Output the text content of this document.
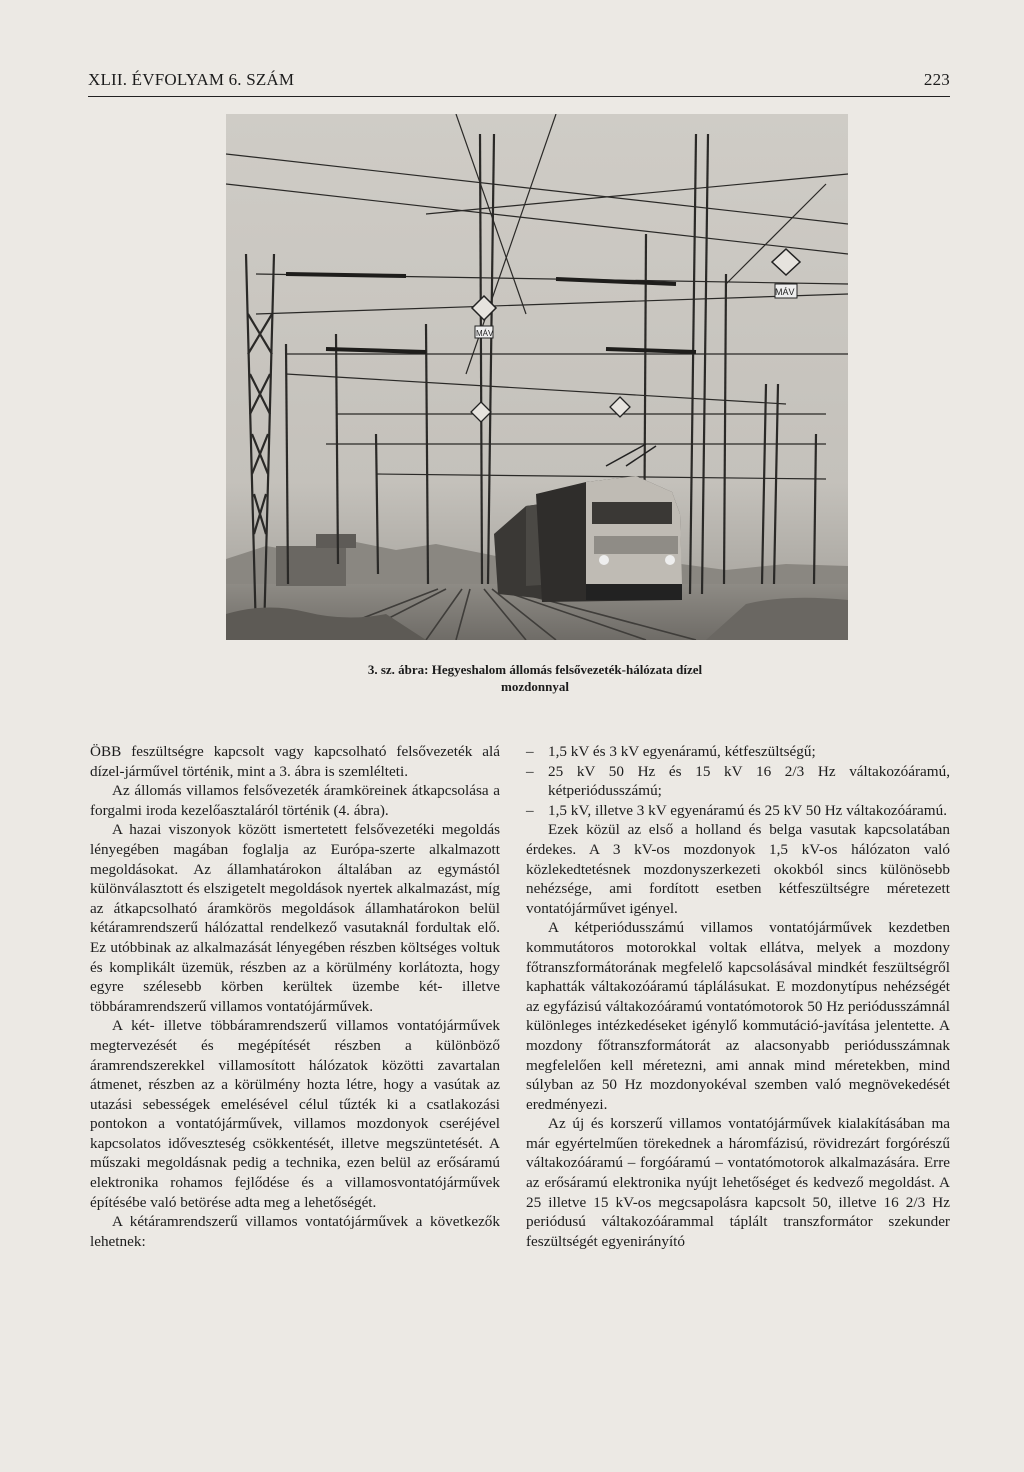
XLII. ÉVFOLYAM 6. SZÁM	223
MÁV
MÁV
3. sz. ábra: Hegyeshalom állomás felsővezeték-hálózata dízel
mozdonnyal

ÖBB feszültségre kapcsolt vagy kapcsolható felsővezeték alá dízel-járművel történik, mint a 3. ábra is szemlélteti.

Az állomás villamos felsővezeték áramköreinek átkapcsolása a forgalmi iroda kezelőasztaláról történik (4. ábra).

A hazai viszonyok között ismertetett felsővezetéki megoldás lényegében magában foglalja az Európa-szerte alkalmazott megoldásokat. Az államhatárokon általában az egymástól különválasztott és elszigetelt megoldások nyertek alkalmazást, míg az átkapcsolható áramkörös megoldások államhatárokon belül kétáramrendszerű hálózattal rendelkező vasutaknál fordultak elő. Ez utóbbinak az alkalmazását lényegében részben költséges voltuk és komplikált üzemük, részben az a körülmény korlátozta, hogy egyre szélesebb körben kerültek üzembe két- illetve többáramrendszerű villamos vontatójárművek.

A két- illetve többáramrendszerű villamos vontatójárművek megtervezését és megépítését részben a különböző áramrendszerekkel villamosított hálózatok közötti zavartalan átmenet, részben az a körülmény hozta létre, hogy a vasútak az utazási sebességek emelésével célul tűzték ki a csatlakozási pontokon a vontatójárművek, villamos mozdonyok cseréjével kapcsolatos időveszteség csökkentését, illetve megszüntetését. A műszaki megoldásnak pedig a technika, ezen belül az erősáramú elektronika rohamos fejlődése és a villamosvontatójárművek építésébe való betörése adta meg a lehetőségét.

A kétáramrendszerű villamos vontatójárművek a következők lehetnek:

– 1,5 kV és 3 kV egyenáramú, kétfeszültségű;
– 25 kV 50 Hz és 15 kV 16 2/3 Hz váltakozóáramú, kétperiódusszámú;
– 1,5 kV, illetve 3 kV egyenáramú és 25 kV 50 Hz váltakozóáramú.

Ezek közül az első a holland és belga vasutak kapcsolatában érdekes. A 3 kV-os mozdonyok 1,5 kV-os hálózaton való közlekedtetésnek mozdonyszerkezeti okokból sincs különösebb nehézsége, ami fordított esetben kétfeszültségre méretezett vontatójárművet igényel.

A kétperiódusszámú villamos vontatójárművek kezdetben kommutátoros motorokkal voltak ellátva, melyek a mozdony főtranszformátorának megfelelő kapcsolásával mindkét feszültségről kaphatták váltakozóáramú táplálásukat. E mozdonytípus nehézségét az egyfázisú váltakozóáramú vontatómotorok 50 Hz periódusszámnál különleges intézkedéseket igénylő kommutáció-javítása jelentette. A mozdony főtranszformátorát az alacsonyabb periódusszámnak megfelelően kell méretezni, ami annak mind méretekben, mind súlyban az 50 Hz mozdonyokéval szemben való megnövekedését eredményezi.

Az új és korszerű villamos vontatójárművek kialakításában ma már egyértelműen törekednek a háromfázisú, rövidrezárt forgórészű váltakozóáramú – forgóáramú – vontatómotorok alkalmazására. Erre az erősáramú elektronika nyújt lehetőséget és kedvező megoldást. A 25 illetve 15 kV-os megcsapolásra kapcsolt 50, illetve 16 2/3 Hz periódusú váltakozóárammal táplált transzformátor szekunder feszültségét egyenirányító
